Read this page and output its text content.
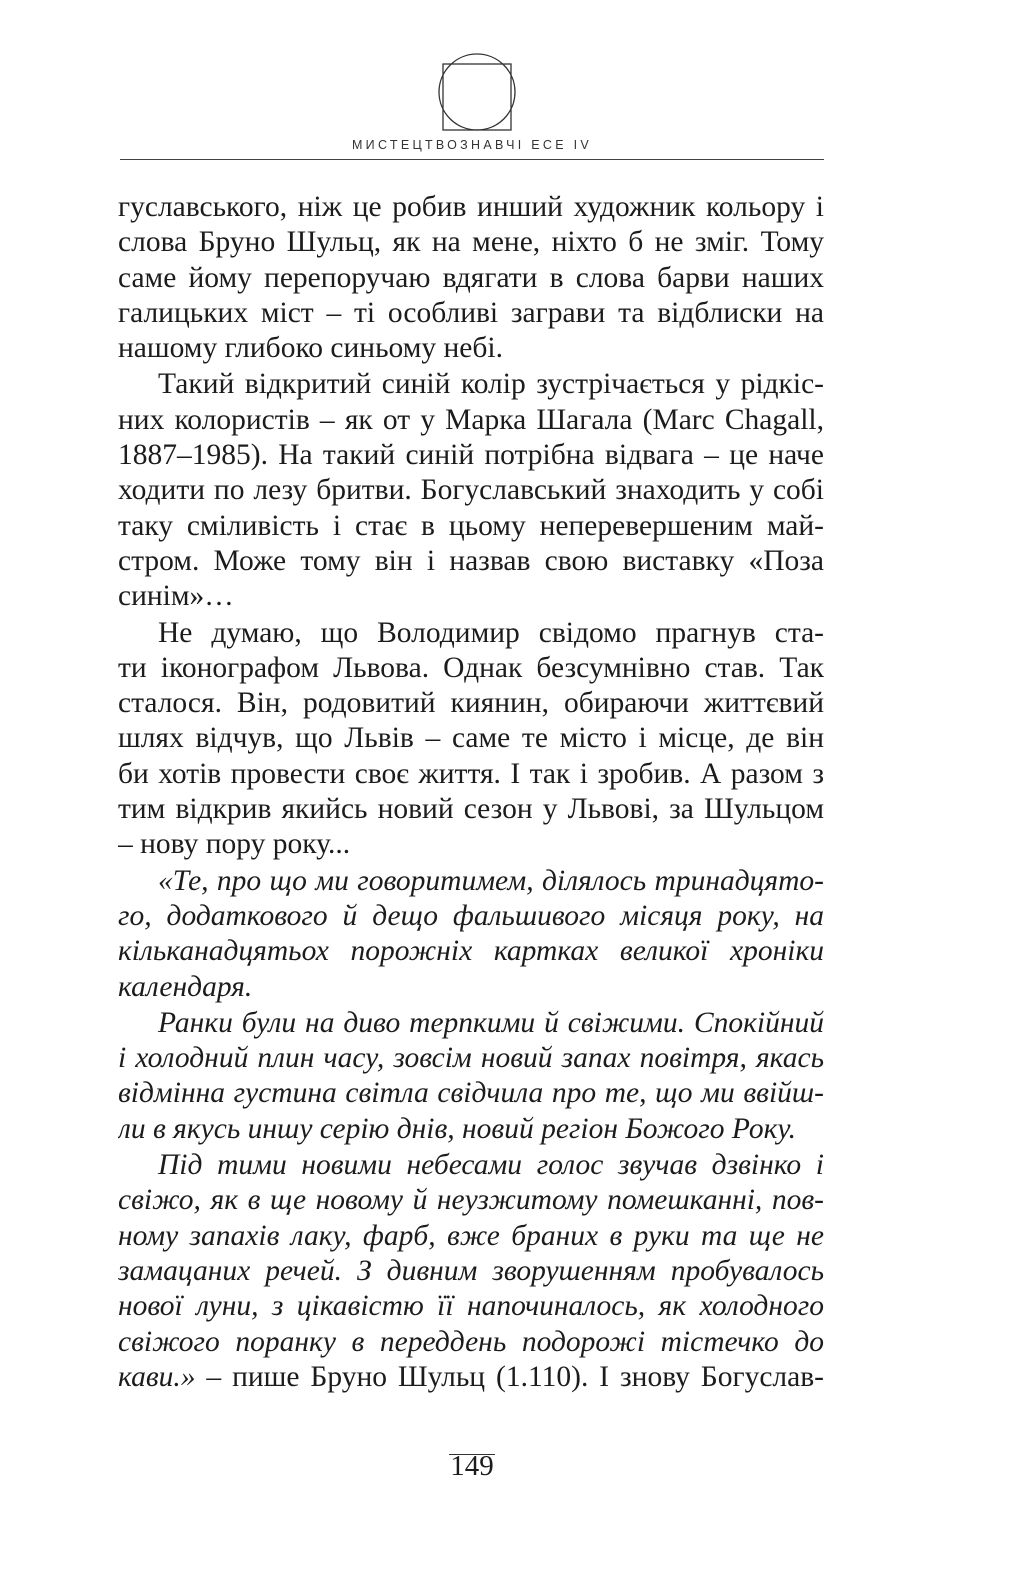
МИСТЕЦТВОЗНАВЧІ ЕСЕ IV
гуславського, ніж це робив инший художник кольору і
слова Бруно Шульц, як на мене, ніхто б не зміг. Тому
саме йому перепоручаю вдягати в слова барви наших
галицьких міст – ті особливі заграви та відблиски на
нашому глибоко синьому небі.
Такий відкритий синій колір зустрічається у рідкіс-
них колористів – як от у Марка Шагала (Marc Chagall,
1887–1985). На такий синій потрібна відвага – це наче
ходити по лезу бритви. Богуславський знаходить у собі
таку сміливість і стає в цьому неперевершеним май-
стром. Може тому він і назвав свою виставку «Поза
синім»…
Не думаю, що Володимир свідомо прагнув ста-
ти іконографом Львова. Однак безсумнівно став. Так
сталося. Він, родовитий киянин, обираючи життєвий
шлях відчув, що Львів – саме те місто і місце, де він
би хотів провести своє життя. І так і зробив. А разом з
тим відкрив якийсь новий сезон у Львові, за Шульцом
– нову пору року...
«Те, про що ми говоритимем, ділялось тринадцято-
го, додаткового й дещо фальшивого місяця року, на
кільканадцятьох порожніх картках великої хроніки
календаря.
Ранки були на диво терпкими й свіжими. Спокійний
і холодний плин часу, зовсім новий запах повітря, якась
відмінна густина світла свідчила про те, що ми ввійш-
ли в якусь иншу серію днів, новий регіон Божого Року.
Під тими новими небесами голос звучав дзвінко і
свіжо, як в ще новому й неузжитому помешканні, пов-
ному запахів лаку, фарб, вже браних в руки та ще не
замацаних речей. З дивним зворушенням пробувалось
нової луни, з цікавістю її напочиналось, як холодного
свіжого поранку в переддень подорожі тістечко до
кави.» – пише Бруно Шульц (1.110). І знову Богуслав-
149
